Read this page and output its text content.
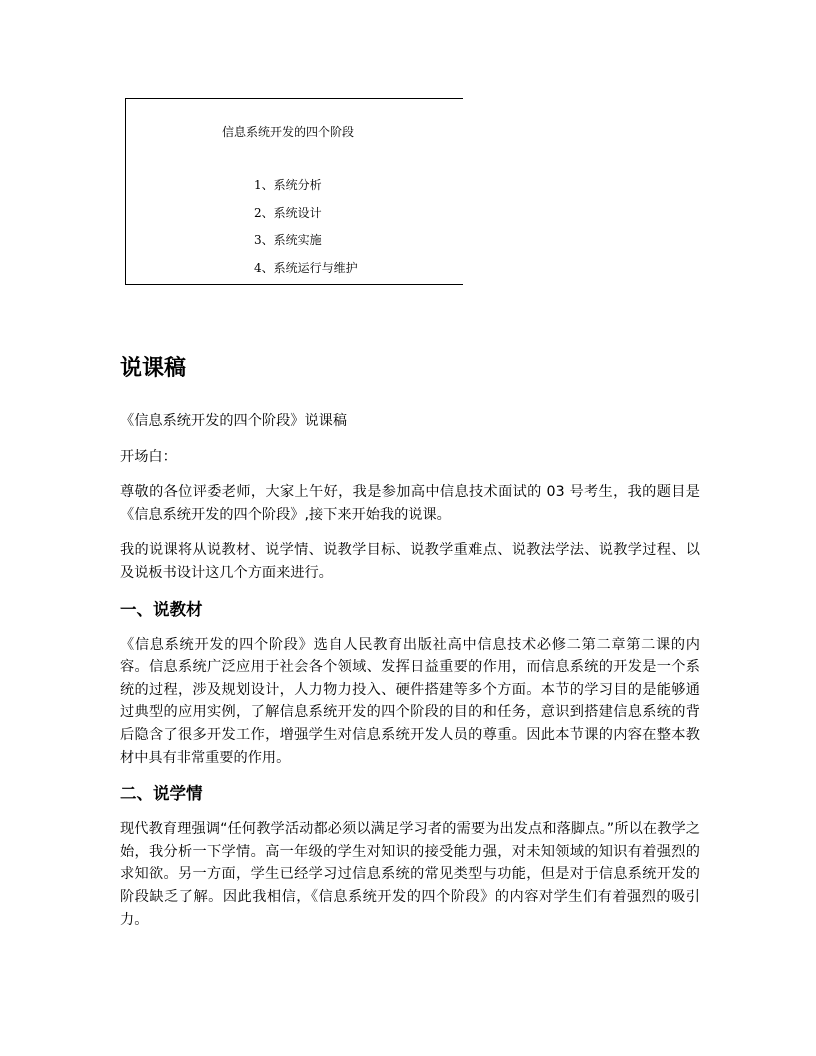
信息系统开发的四个阶段
1、系统分析
2、系统设计
3、系统实施
4、系统运行与维护
说课稿

《信息系统开发的四个阶段》说课稿

开场白：

尊敬的各位评委老师，大家上午好，我是参加高中信息技术面试的 03 号考生，我的题目是《信息系统开发的四个阶段》,接下来开始我的说课。

我的说课将从说教材、说学情、说教学目标、说教学重难点、说教法学法、说教学过程、以及说板书设计这几个方面来进行。

一、说教材

《信息系统开发的四个阶段》选自人民教育出版社高中信息技术必修二第二章第二课的内容。信息系统广泛应用于社会各个领域、发挥日益重要的作用，而信息系统的开发是一个系统的过程，涉及规划设计，人力物力投入、硬件搭建等多个方面。本节的学习目的是能够通过典型的应用实例，了解信息系统开发的四个阶段的目的和任务，意识到搭建信息系统的背后隐含了很多开发工作，增强学生对信息系统开发人员的尊重。因此本节课的内容在整本教材中具有非常重要的作用。

二、说学情

现代教育理强调“任何教学活动都必须以满足学习者的需要为出发点和落脚点。”所以在教学之始，我分析一下学情。高一年级的学生对知识的接受能力强，对未知领域的知识有着强烈的求知欲。另一方面，学生已经学习过信息系统的常见类型与功能，但是对于信息系统开发的阶段缺乏了解。因此我相信，《信息系统开发的四个阶段》的内容对学生们有着强烈的吸引力。
